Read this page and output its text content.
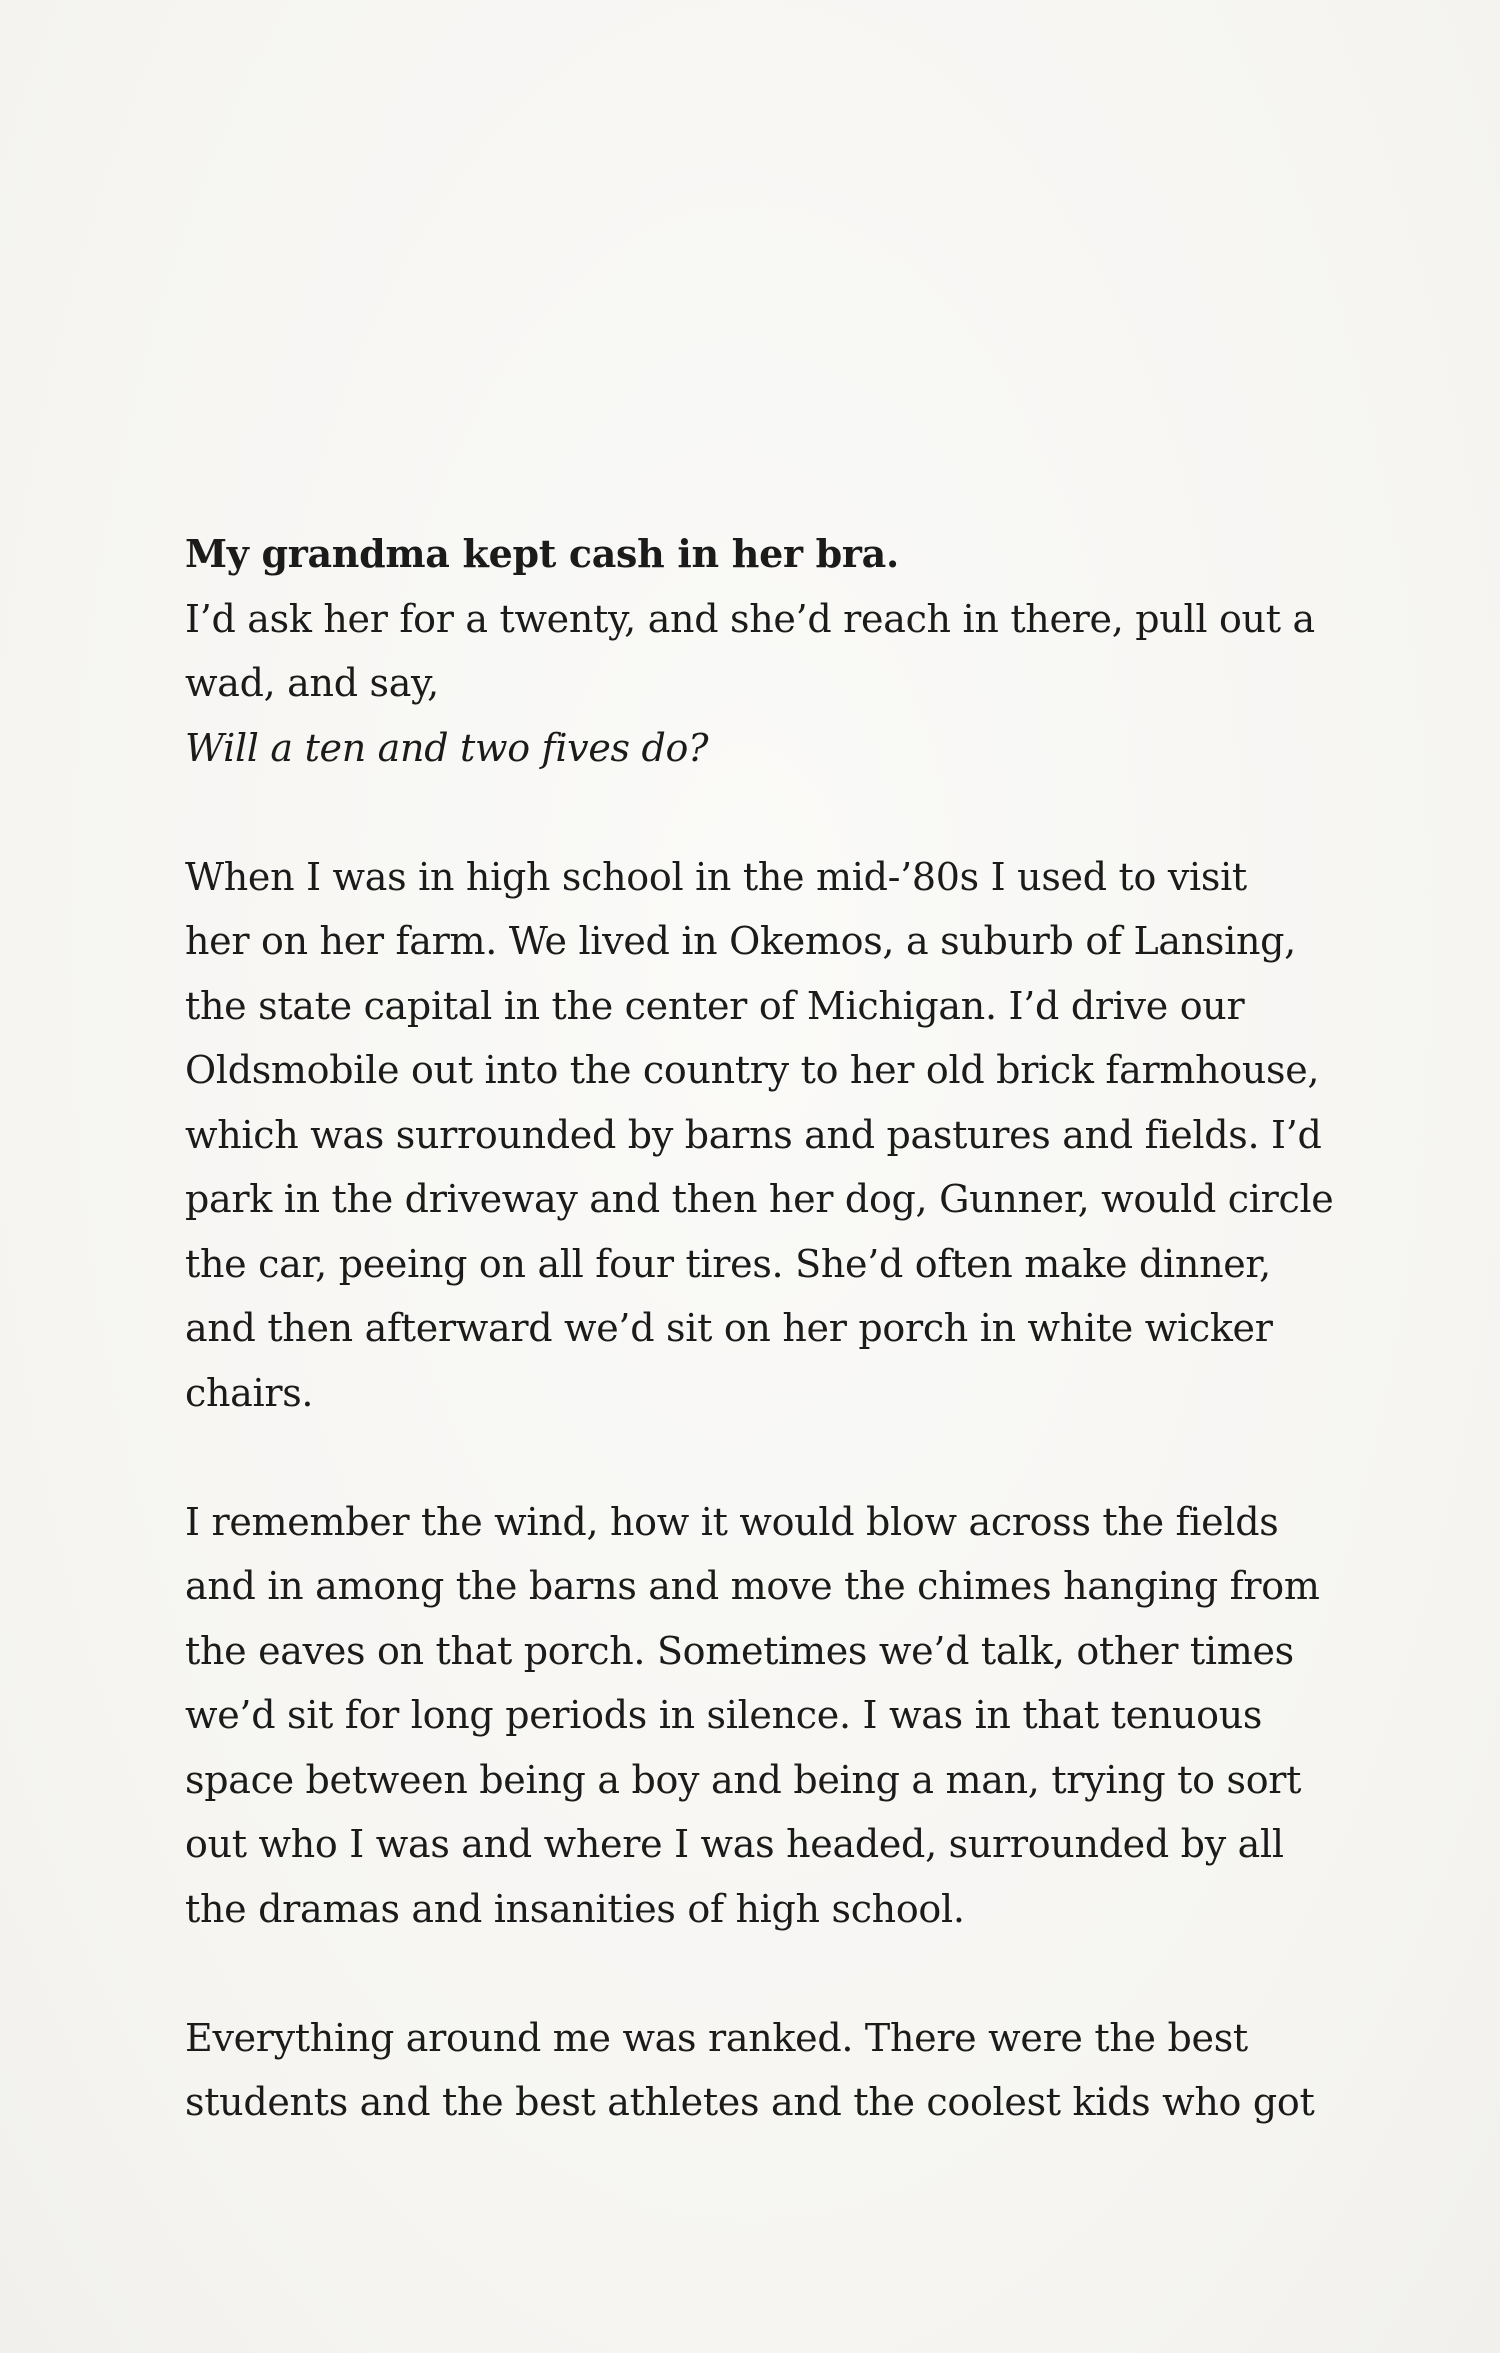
My grandma kept cash in her bra.
I’d ask her for a twenty, and she’d reach in there, pull out a
wad, and say,
Will a ten and two fives do?
When I was in high school in the mid-’80s I used to visit
her on her farm. We lived in Okemos, a suburb of Lansing,
the state capital in the center of Michigan. I’d drive our
Oldsmobile out into the country to her old brick farmhouse,
which was surrounded by barns and pastures and fields. I’d
park in the driveway and then her dog, Gunner, would circle
the car, peeing on all four tires. She’d often make dinner,
and then afterward we’d sit on her porch in white wicker
chairs.
I remember the wind, how it would blow across the fields
and in among the barns and move the chimes hanging from
the eaves on that porch. Sometimes we’d talk, other times
we’d sit for long periods in silence. I was in that tenuous
space between being a boy and being a man, trying to sort
out who I was and where I was headed, surrounded by all
the dramas and insanities of high school.
Everything around me was ranked. There were the best
students and the best athletes and the coolest kids who got
